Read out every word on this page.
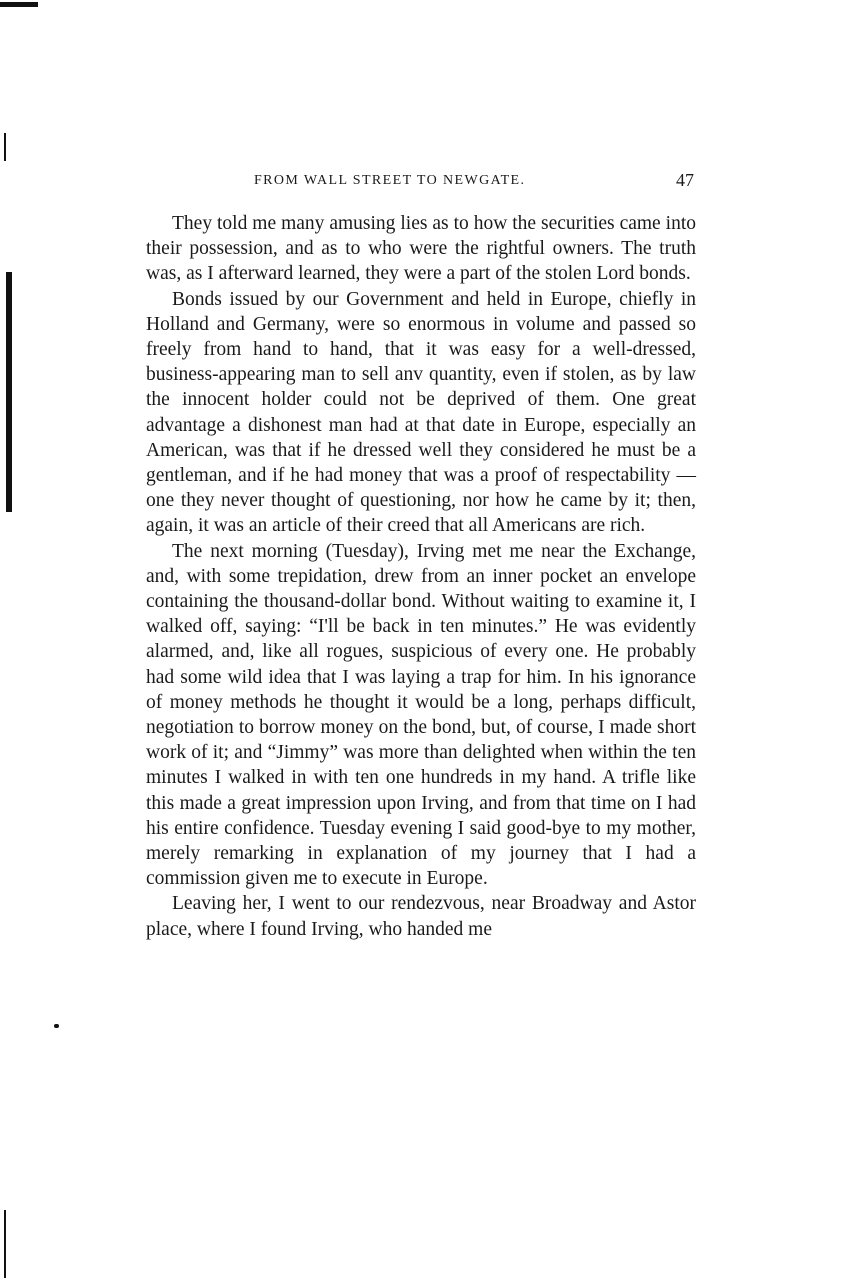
FROM WALL STREET TO NEWGATE.	47

They told me many amusing lies as to how the securities came into their possession, and as to who were the rightful owners. The truth was, as I afterward learned, they were a part of the stolen Lord bonds.

Bonds issued by our Government and held in Europe, chiefly in Holland and Germany, were so enormous in volume and passed so freely from hand to hand, that it was easy for a well-dressed, business-appearing man to sell anv quantity, even if stolen, as by law the innocent holder could not be deprived of them. One great advantage a dishonest man had at that date in Europe, especially an American, was that if he dressed well they considered he must be a gentleman, and if he had money that was a proof of respectability —one they never thought of questioning, nor how he came by it; then, again, it was an article of their creed that all Americans are rich.

The next morning (Tuesday), Irving met me near the Exchange, and, with some trepidation, drew from an inner pocket an envelope containing the thousand-dollar bond. Without waiting to examine it, I walked off, saying: “I'll be back in ten minutes.” He was evidently alarmed, and, like all rogues, suspicious of every one. He probably had some wild idea that I was laying a trap for him. In his ignorance of money methods he thought it would be a long, perhaps difficult, negotiation to borrow money on the bond, but, of course, I made short work of it; and “Jimmy” was more than delighted when within the ten minutes I walked in with ten one hundreds in my hand. A trifle like this made a great impression upon Irving, and from that time on I had his entire confidence. Tuesday evening I said good-bye to my mother, merely remarking in explanation of my journey that I had a commission given me to execute in Europe.

Leaving her, I went to our rendezvous, near Broadway and Astor place, where I found Irving, who handed me
